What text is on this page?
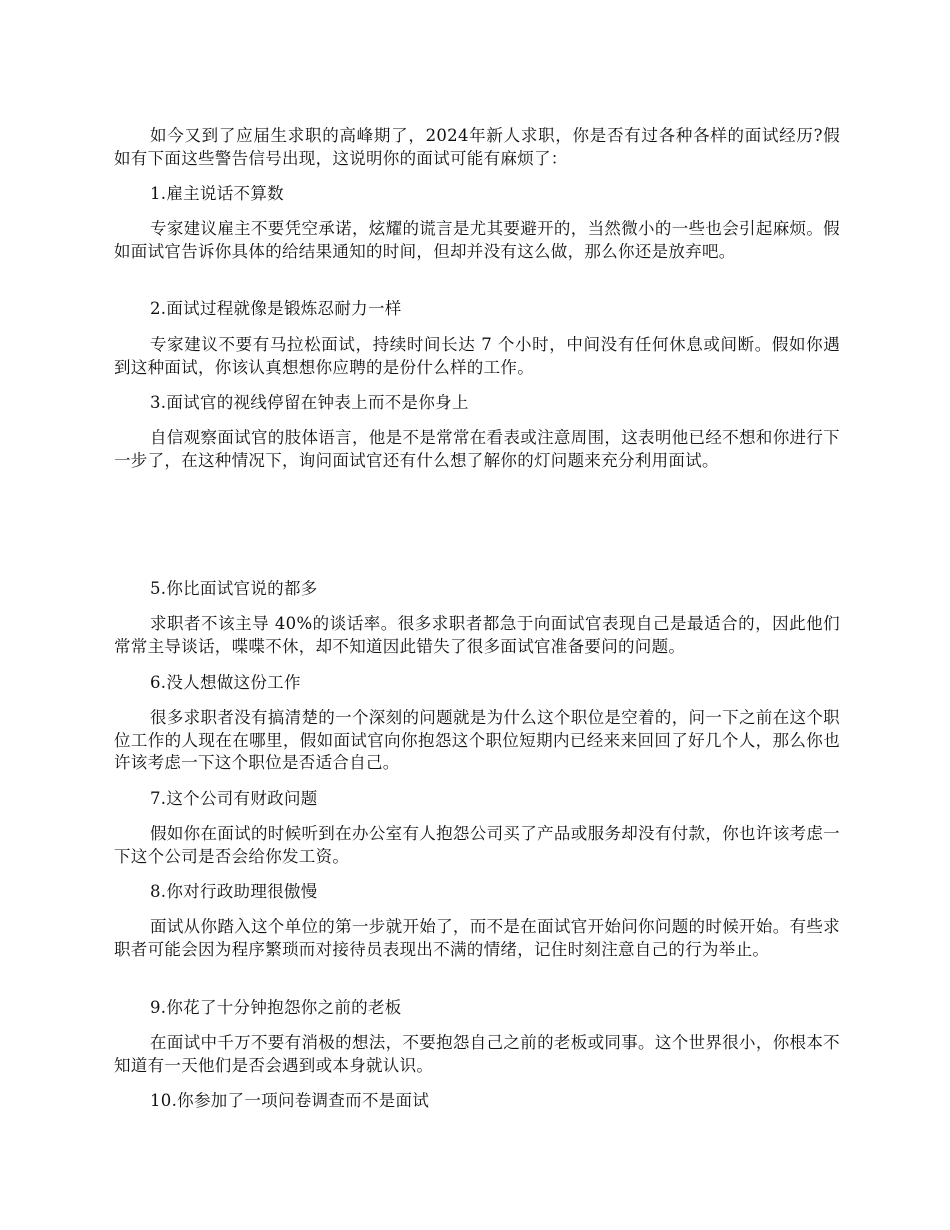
如今又到了应届生求职的高峰期了，2024年新人求职，你是否有过各种各样的面试经历?假如有下面这些警告信号出现，这说明你的面试可能有麻烦了：

1.雇主说话不算数

专家建议雇主不要凭空承诺，炫耀的谎言是尤其要避开的，当然微小的一些也会引起麻烦。假如面试官告诉你具体的给结果通知的时间，但却并没有这么做，那么你还是放弃吧。

2.面试过程就像是锻炼忍耐力一样

专家建议不要有马拉松面试，持续时间长达 7 个小时，中间没有任何休息或间断。假如你遇到这种面试，你该认真想想你应聘的是份什么样的工作。

3.面试官的视线停留在钟表上而不是你身上

自信观察面试官的肢体语言，他是不是常常在看表或注意周围，这表明他已经不想和你进行下一步了，在这种情况下，询问面试官还有什么想了解你的灯问题来充分利用面试。

5.你比面试官说的都多

求职者不该主导 40%的谈话率。很多求职者都急于向面试官表现自己是最适合的，因此他们常常主导谈话，喋喋不休，却不知道因此错失了很多面试官准备要问的问题。

6.没人想做这份工作

很多求职者没有搞清楚的一个深刻的问题就是为什么这个职位是空着的，问一下之前在这个职位工作的人现在在哪里，假如面试官向你抱怨这个职位短期内已经来来回回了好几个人，那么你也许该考虑一下这个职位是否适合自己。

7.这个公司有财政问题

假如你在面试的时候听到在办公室有人抱怨公司买了产品或服务却没有付款，你也许该考虑一下这个公司是否会给你发工资。

8.你对行政助理很傲慢

面试从你踏入这个单位的第一步就开始了，而不是在面试官开始问你问题的时候开始。有些求职者可能会因为程序繁琐而对接待员表现出不满的情绪，记住时刻注意自己的行为举止。

9.你花了十分钟抱怨你之前的老板

在面试中千万不要有消极的想法，不要抱怨自己之前的老板或同事。这个世界很小，你根本不知道有一天他们是否会遇到或本身就认识。

10.你参加了一项问卷调查而不是面试
